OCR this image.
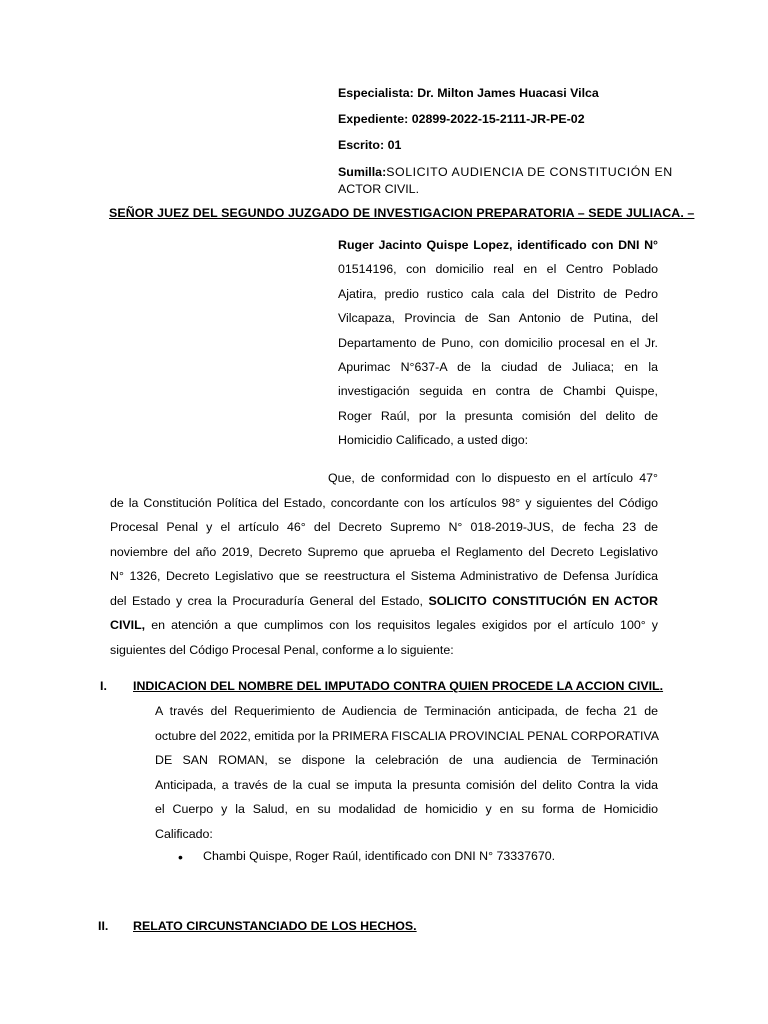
Especialista: Dr. Milton James Huacasi Vilca
Expediente: 02899-2022-15-2111-JR-PE-02
Escrito: 01
Sumilla: SOLICITO AUDIENCIA DE CONSTITUCIÓN EN
ACTOR CIVIL.
SEÑOR JUEZ DEL SEGUNDO JUZGADO DE INVESTIGACION PREPARATORIA – SEDE JULIACA. –
Ruger Jacinto Quispe Lopez, identificado con DNI N°
01514196, con domicilio real en el Centro Poblado
Ajatira, predio rustico cala cala del Distrito de Pedro
Vilcapaza, Provincia de San Antonio de Putina, del
Departamento de Puno, con domicilio procesal en el Jr.
Apurimac N°637-A de la ciudad de Juliaca; en la
investigación seguida en contra de Chambi Quispe,
Roger Raúl, por la presunta comisión del delito de
Homicidio Calificado, a usted digo:
Que, de conformidad con lo dispuesto en el artículo 47°
de la Constitución Política del Estado, concordante con los artículos 98° y siguientes del Código
Procesal Penal y el artículo 46° del Decreto Supremo N° 018-2019-JUS, de fecha 23 de
noviembre del año 2019, Decreto Supremo que aprueba el Reglamento del Decreto Legislativo
N° 1326, Decreto Legislativo que se reestructura el Sistema Administrativo de Defensa Jurídica
del Estado y crea la Procuraduría General del Estado, SOLICITO CONSTITUCIÓN EN ACTOR
CIVIL, en atención a que cumplimos con los requisitos legales exigidos por el artículo 100° y
siguientes del Código Procesal Penal, conforme a lo siguiente:
I.	INDICACION DEL NOMBRE DEL IMPUTADO CONTRA QUIEN PROCEDE LA ACCION CIVIL.
A través del Requerimiento de Audiencia de Terminación anticipada, de fecha 21 de
octubre del 2022, emitida por la PRIMERA FISCALIA PROVINCIAL PENAL CORPORATIVA
DE SAN ROMAN, se dispone la celebración de una audiencia de Terminación
Anticipada, a través de la cual se imputa la presunta comisión del delito Contra la vida
el Cuerpo y la Salud, en su modalidad de homicidio y en su forma de Homicidio
Calificado:
• Chambi Quispe, Roger Raúl, identificado con DNI N° 73337670.
II.	RELATO CIRCUNSTANCIADO DE LOS HECHOS.
